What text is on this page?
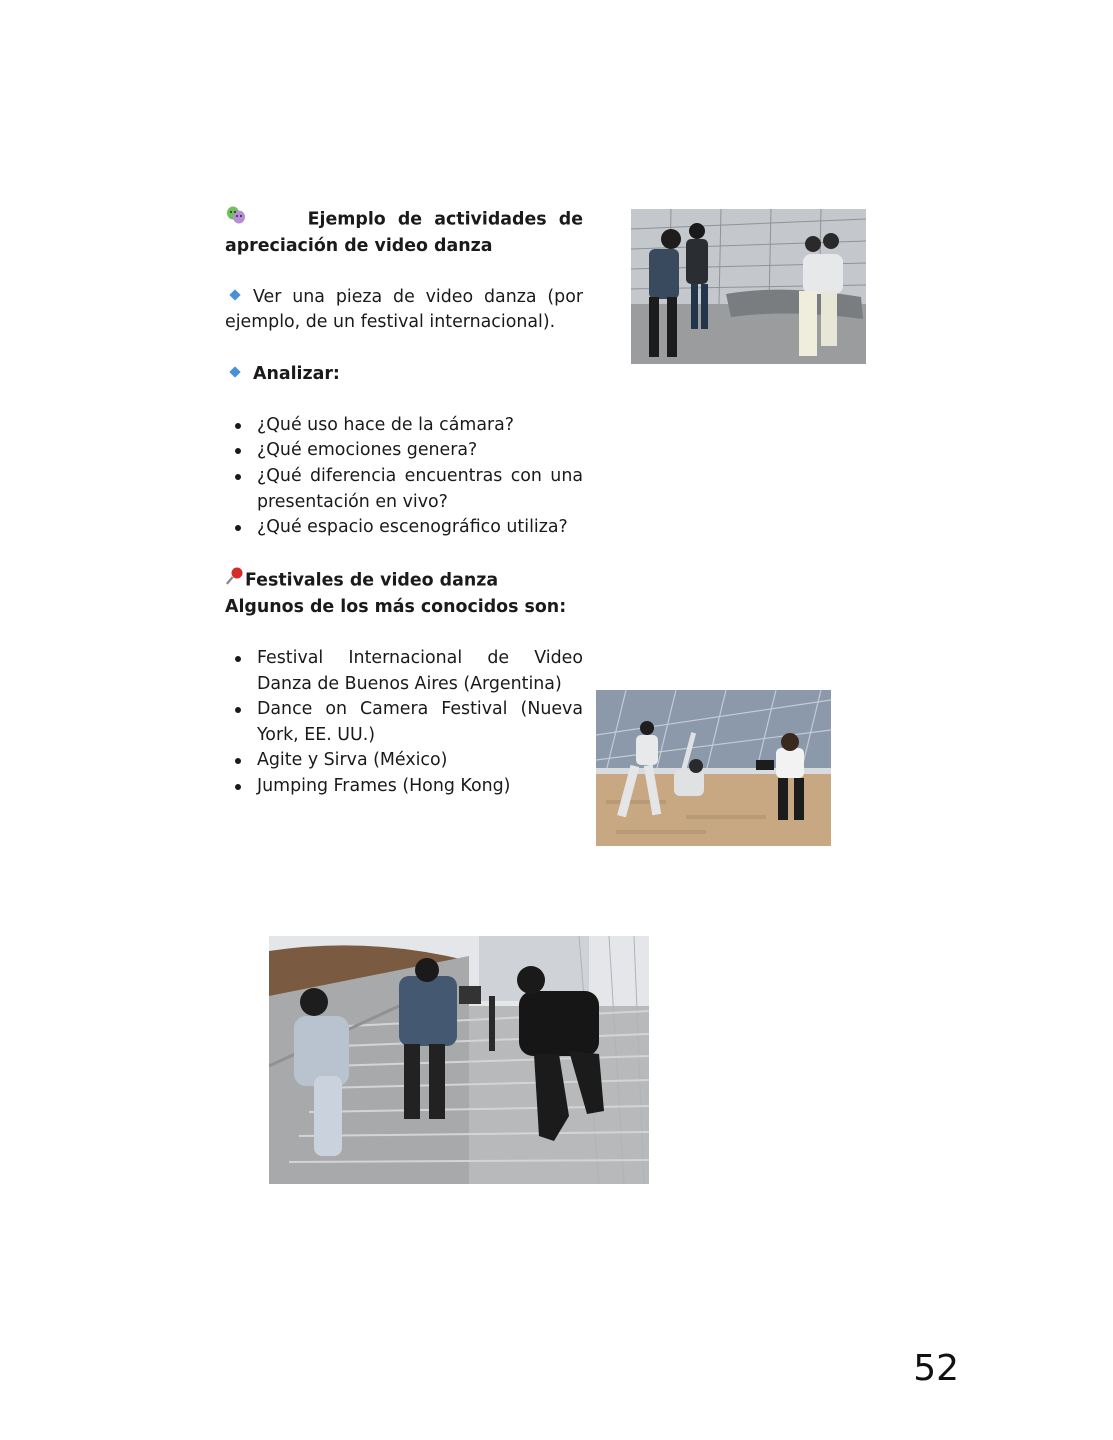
Ejemplo de actividades de apreciación de video danza

Ver una pieza de video danza (por ejemplo, de un festival internacional).

Analizar:

¿Qué uso hace de la cámara?
¿Qué emociones genera?
¿Qué diferencia encuentras con una presentación en vivo?
¿Qué espacio escenográfico utiliza?

Festivales de video danza

Algunos de los más conocidos son:

Festival Internacional de Video Danza de Buenos Aires (Argentina)
Dance on Camera Festival (Nueva York, EE. UU.)
Agite y Sirva (México)
Jumping Frames (Hong Kong)
52
